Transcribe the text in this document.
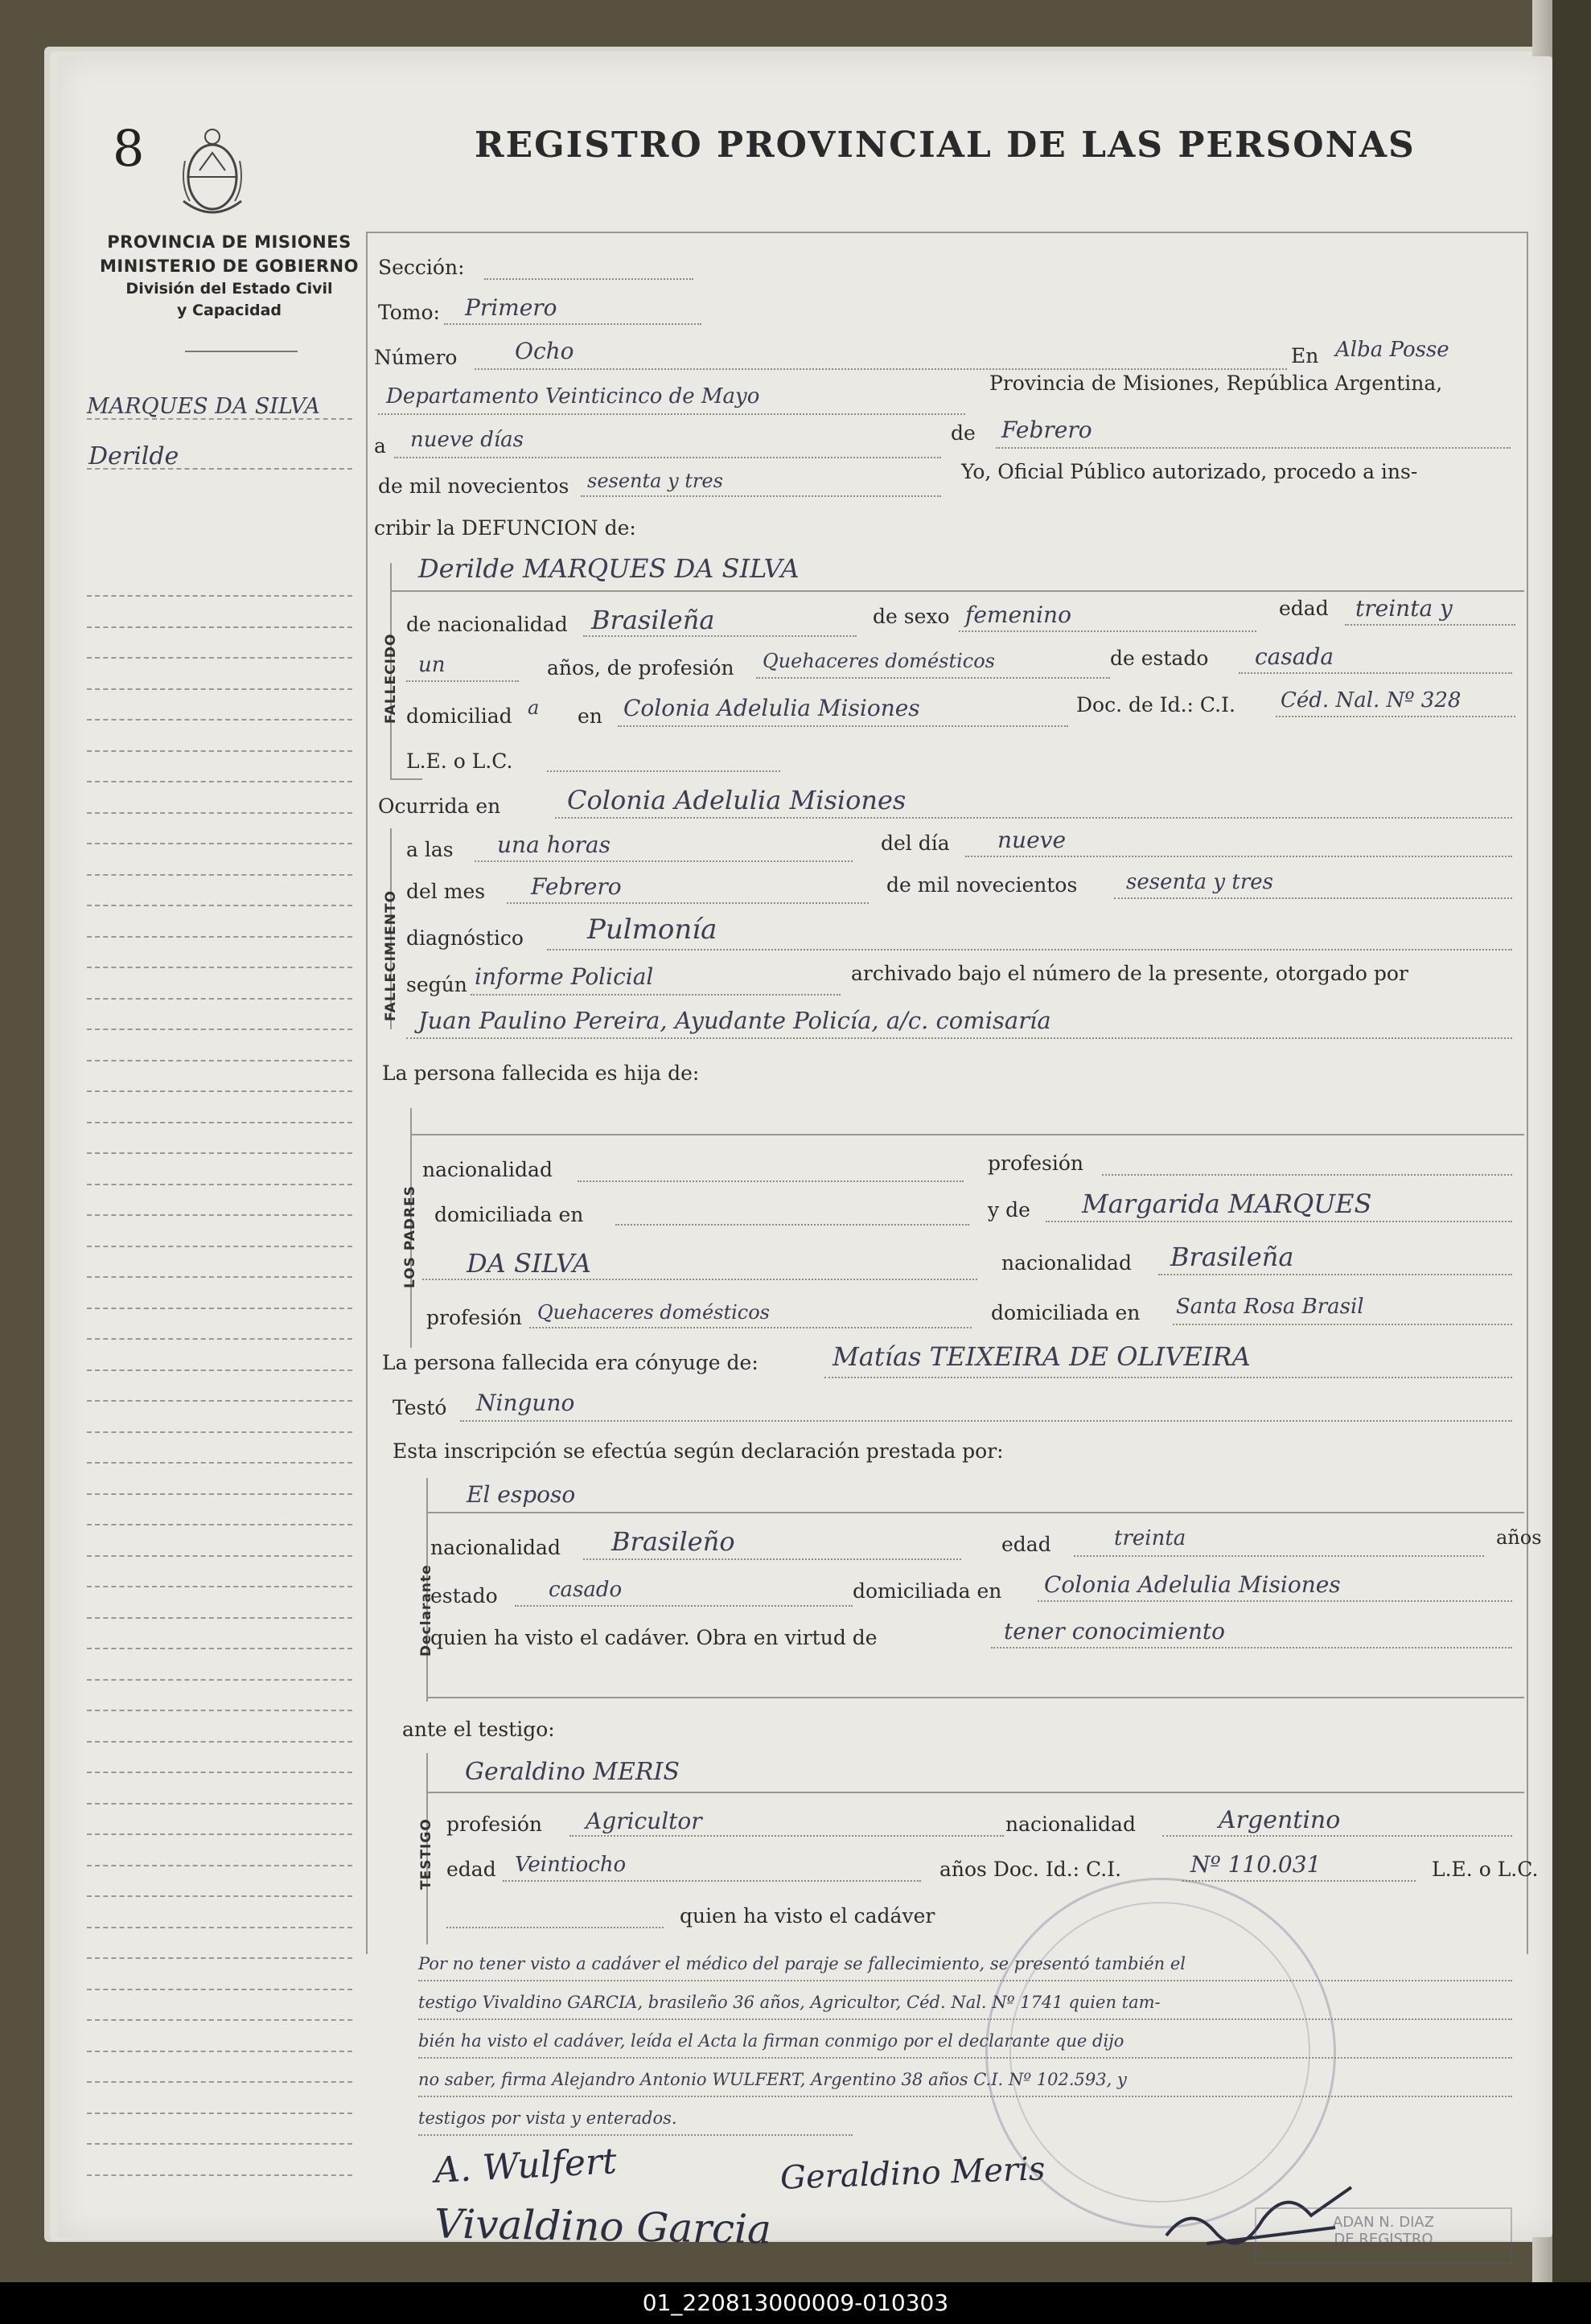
8	REGISTRO PROVINCIAL DE LAS PERSONAS
PROVINCIA DE MISIONES
MINISTERIO DE GOBIERNO
División del Estado Civil
y Capacidad
MARQUES DA SILVA
Derilde
Sección:
Tomo: Primero
Número	Ocho	En Alba Posse
Departamento Veinticinco de Mayo
Provincia de Misiones, República Argentina,
a nueve días	de Febrero
de mil novecientos sesenta y tres	Yo, Oficial Público autorizado, procedo a ins-
cribir la DEFUNCION de:
FALLECIDO
Derilde MARQUES DA SILVA
de nacionalidad Brasileña	de sexo femenino	edad treinta y
un	años, de profesión Quehaceres domésticos	de estado casada
domiciliad a en Colonia Adelulia Misiones	Doc. de Id.: C.I. Céd. Nal. Nº 328
L.E. o L.C.
Ocurrida en	Colonia Adelulia Misiones
FALLECIMIENTO
a las una horas	del día nueve
del mes Febrero	de mil novecientos sesenta y tres
diagnóstico Pulmonía
según informe Policial	archivado bajo el número de la presente, otorgado por
Juan Paulino Pereira, Ayudante Policía, a/c. comisaría
La persona fallecida es hija de:
LOS PADRES
nacionalidad	profesión
domiciliada en	y de Margarida MARQUES
DA SILVA	nacionalidad Brasileña
profesión Quehaceres domésticos	domiciliada en Santa Rosa Brasil
La persona fallecida era cónyuge de:	Matías TEIXEIRA DE OLIVEIRA
Testó Ninguno
Esta inscripción se efectúa según declaración prestada por:
Declarante
El esposo
nacionalidad Brasileño	edad	treinta	años
estado casado	domiciliada en Colonia Adelulia Misiones
quien ha visto el cadáver. Obra en virtud de	tener conocimiento
ante el testigo:
TESTIGO
Geraldino MERIS
profesión Agricultor	nacionalidad	Argentino
edad Veintiocho	años Doc. Id.: C.I.	Nº 110.031	L.E. o L.C.
quien ha visto el cadáver
Por no tener visto a cadáver el médico del paraje se fallecimiento, se presentó también el
testigo Vivaldino GARCIA, brasileño 36 años, Agricultor, Céd. Nal. Nº 1741 quien tam-
bién ha visto el cadáver, leída el Acta la firman conmigo por el declarante que dijo
no saber, firma Alejandro Antonio WULFERT, Argentino 38 años C.I. Nº 102.593, y
testigos por vista y enterados.
A. Wulfert	Geraldino Meris
Vivaldino Garcia	ADAN N. DIAZ
DE REGISTRO
01_220813000009-010303
